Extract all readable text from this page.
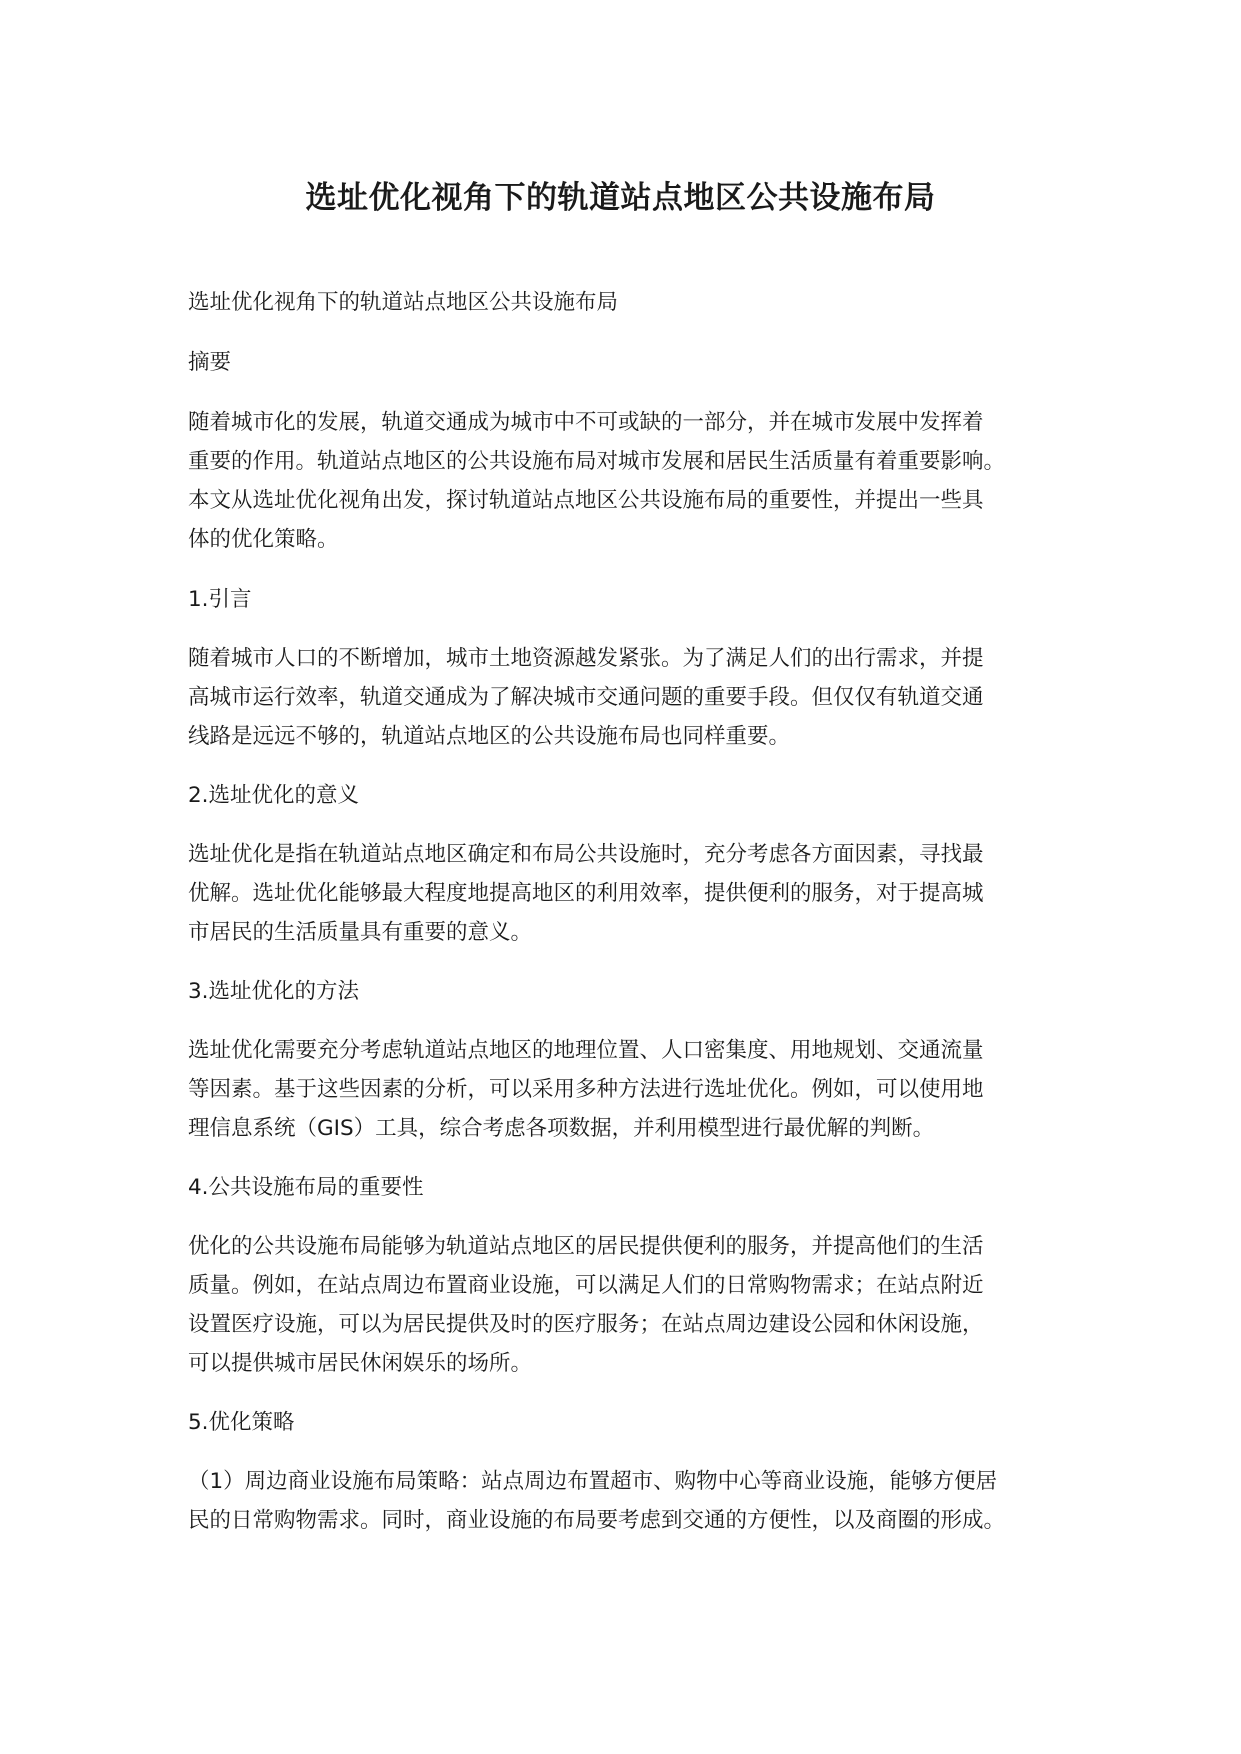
选址优化视角下的轨道站点地区公共设施布局

选址优化视角下的轨道站点地区公共设施布局

摘要

随着城市化的发展，轨道交通成为城市中不可或缺的一部分，并在城市发展中发挥着

重要的作用。轨道站点地区的公共设施布局对城市发展和居民生活质量有着重要影响。

本文从选址优化视角出发，探讨轨道站点地区公共设施布局的重要性，并提出一些具

体的优化策略。

1.引言

随着城市人口的不断增加，城市土地资源越发紧张。为了满足人们的出行需求，并提

高城市运行效率，轨道交通成为了解决城市交通问题的重要手段。但仅仅有轨道交通

线路是远远不够的，轨道站点地区的公共设施布局也同样重要。

2.选址优化的意义

选址优化是指在轨道站点地区确定和布局公共设施时，充分考虑各方面因素，寻找最

优解。选址优化能够最大程度地提高地区的利用效率，提供便利的服务，对于提高城

市居民的生活质量具有重要的意义。

3.选址优化的方法

选址优化需要充分考虑轨道站点地区的地理位置、人口密集度、用地规划、交通流量

等因素。基于这些因素的分析，可以采用多种方法进行选址优化。例如，可以使用地

理信息系统（GIS）工具，综合考虑各项数据，并利用模型进行最优解的判断。

4.公共设施布局的重要性

优化的公共设施布局能够为轨道站点地区的居民提供便利的服务，并提高他们的生活

质量。例如，在站点周边布置商业设施，可以满足人们的日常购物需求；在站点附近

设置医疗设施，可以为居民提供及时的医疗服务；在站点周边建设公园和休闲设施，

可以提供城市居民休闲娱乐的场所。

5.优化策略

（1）周边商业设施布局策略：站点周边布置超市、购物中心等商业设施，能够方便居

民的日常购物需求。同时，商业设施的布局要考虑到交通的方便性，以及商圈的形成。
